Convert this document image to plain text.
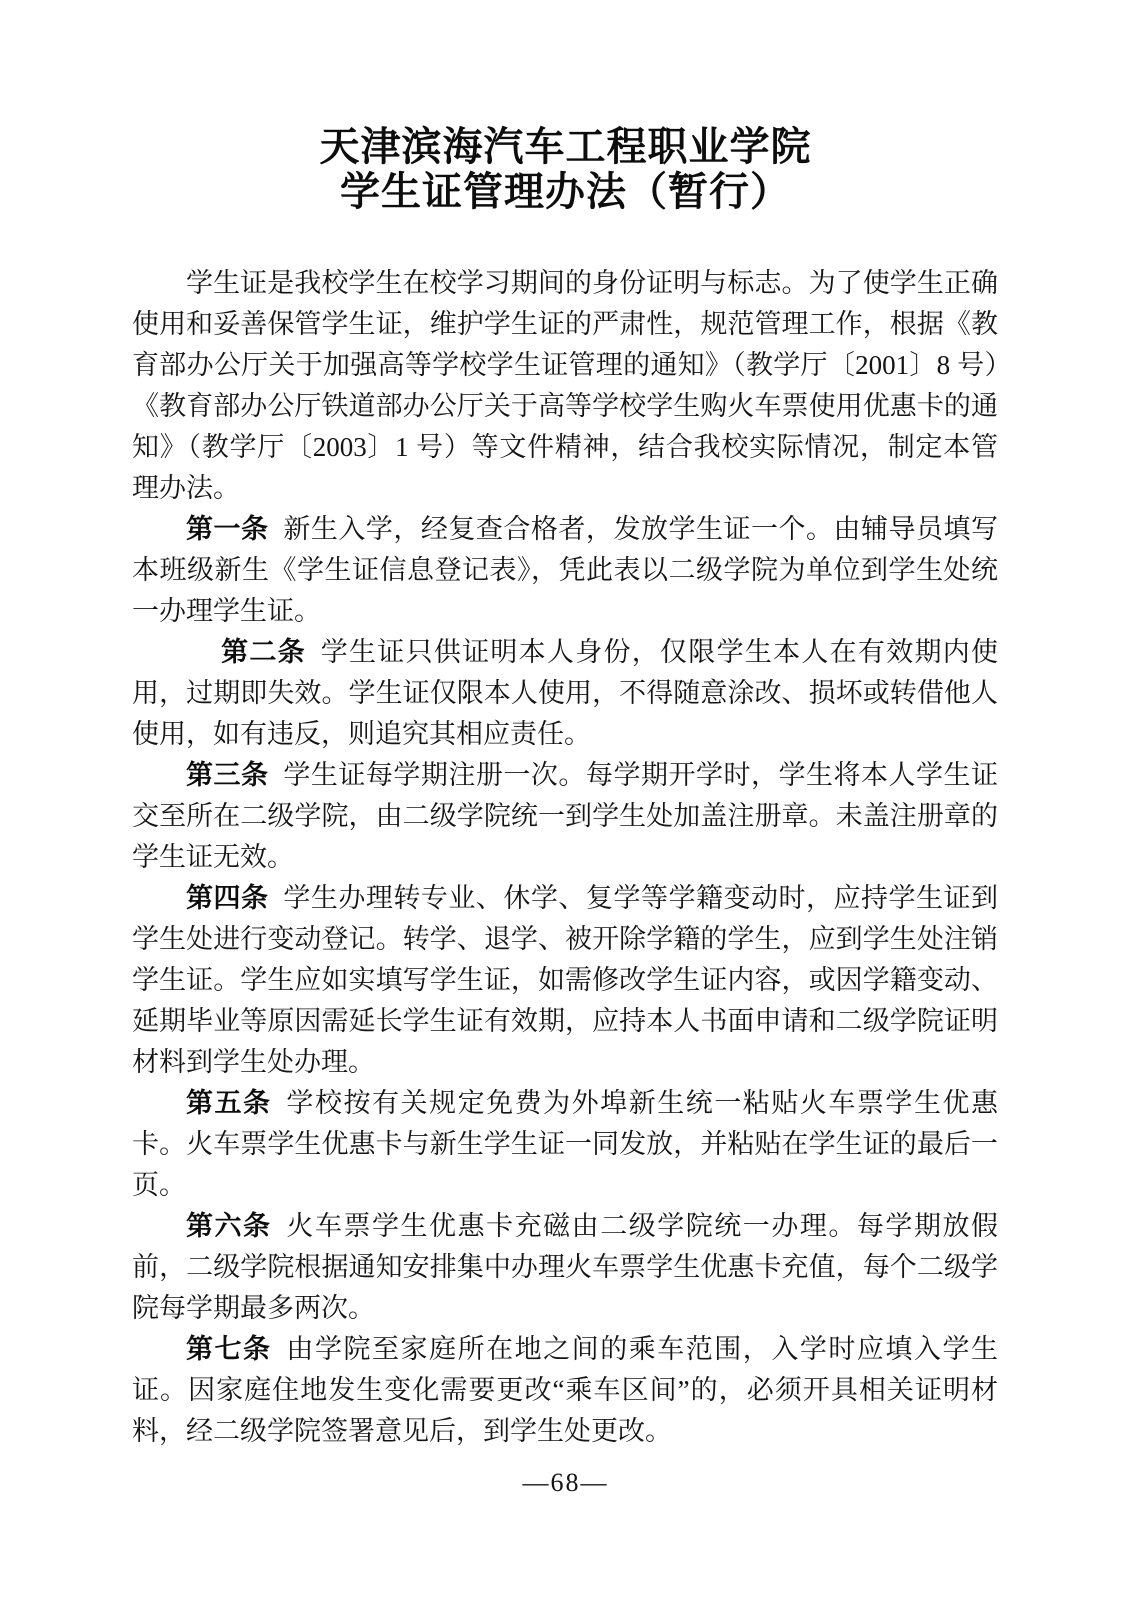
天津滨海汽车工程职业学院
学生证管理办法（暂行）

学生证是我校学生在校学习期间的身份证明与标志。为了使学生正确使用和妥善保管学生证，维护学生证的严肃性，规范管理工作，根据《教育部办公厅关于加强高等学校学生证管理的通知》（教学厅〔2001〕8 号）《教育部办公厅铁道部办公厅关于高等学校学生购火车票使用优惠卡的通知》（教学厅〔2003〕1 号）等文件精神，结合我校实际情况，制定本管理办法。

第一条 新生入学，经复查合格者，发放学生证一个。由辅导员填写本班级新生《学生证信息登记表》，凭此表以二级学院为单位到学生处统一办理学生证。

第二条 学生证只供证明本人身份，仅限学生本人在有效期内使用，过期即失效。学生证仅限本人使用，不得随意涂改、损坏或转借他人使用，如有违反，则追究其相应责任。

第三条 学生证每学期注册一次。每学期开学时，学生将本人学生证交至所在二级学院，由二级学院统一到学生处加盖注册章。未盖注册章的学生证无效。

第四条 学生办理转专业、休学、复学等学籍变动时，应持学生证到学生处进行变动登记。转学、退学、被开除学籍的学生，应到学生处注销学生证。学生应如实填写学生证，如需修改学生证内容，或因学籍变动、延期毕业等原因需延长学生证有效期，应持本人书面申请和二级学院证明材料到学生处办理。

第五条 学校按有关规定免费为外埠新生统一粘贴火车票学生优惠卡。火车票学生优惠卡与新生学生证一同发放，并粘贴在学生证的最后一页。

第六条 火车票学生优惠卡充磁由二级学院统一办理。每学期放假前，二级学院根据通知安排集中办理火车票学生优惠卡充值，每个二级学院每学期最多两次。

第七条 由学院至家庭所在地之间的乘车范围，入学时应填入学生证。因家庭住地发生变化需要更改“乘车区间”的，必须开具相关证明材料，经二级学院签署意见后，到学生处更改。

—68—
